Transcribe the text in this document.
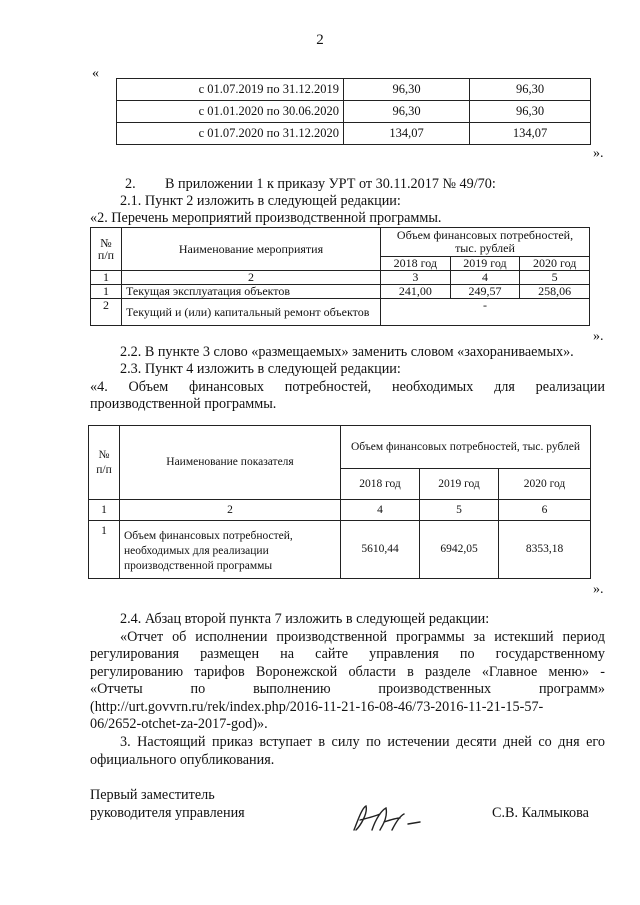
2
«
с 01.07.2019 по 31.12.2019	96,30	96,30
с 01.01.2020 по 30.06.2020	96,30	96,30
с 01.07.2020 по 31.12.2020	134,07	134,07
».
2. В приложении 1 к приказу УРТ от 30.11.2017 № 49/70:
2.1. Пункт 2 изложить в следующей редакции:
«2. Перечень мероприятий производственной программы.
№ п/п	Наименование мероприятия	Объем финансовых потребностей, тыс. рублей		
		2018 год	2019 год	2020 год
1	2	3	4	5
1	Текущая эксплуатация объектов	241,00	249,57	258,06
2	Текущий и (или) капитальный ремонт объектов	-		
».
2.2. В пункте 3 слово «размещаемых» заменить словом «захораниваемых».
2.3. Пункт 4 изложить в следующей редакции:
«4. Объем финансовых потребностей, необходимых для реализации
производственной программы.
№ п/п	Наименование показателя	Объем финансовых потребностей, тыс. рублей		
		2018 год	2019 год	2020 год
1	2	4	5	6
1	Объем финансовых потребностей, необходимых для реализации производственной программы	5610,44	6942,05	8353,18
».
2.4. Абзац второй пункта 7 изложить в следующей редакции:
«Отчет об исполнении производственной программы за истекший период
регулирования размещен на сайте управления по государственному
регулированию тарифов Воронежской области в разделе «Главное меню» -
«Отчеты по выполнению производственных программ»
(http://urt.govvrn.ru/rek/index.php/2016-11-21-16-08-46/73-2016-11-21-15-57-
06/2652-otchet-za-2017-god)».
3. Настоящий приказ вступает в силу по истечении десяти дней со дня его
официального опубликования.
Первый заместитель
руководителя управления	С.В. Калмыкова
